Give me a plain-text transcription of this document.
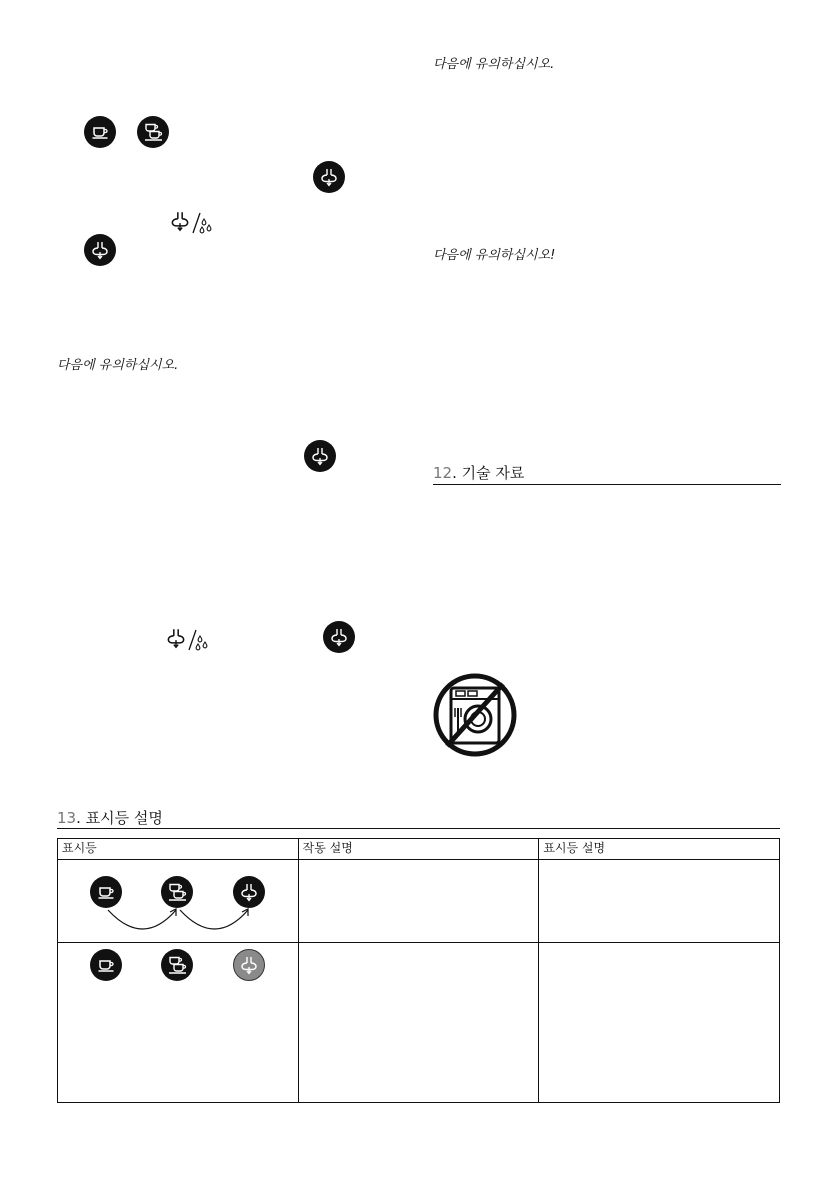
다음에 유의하십시오.
다음에 유의하십시오.
다음에 유의하십시오!
12. 기술 자료
13. 표시등 설명
표시등	작동 설명	표시등 설명
